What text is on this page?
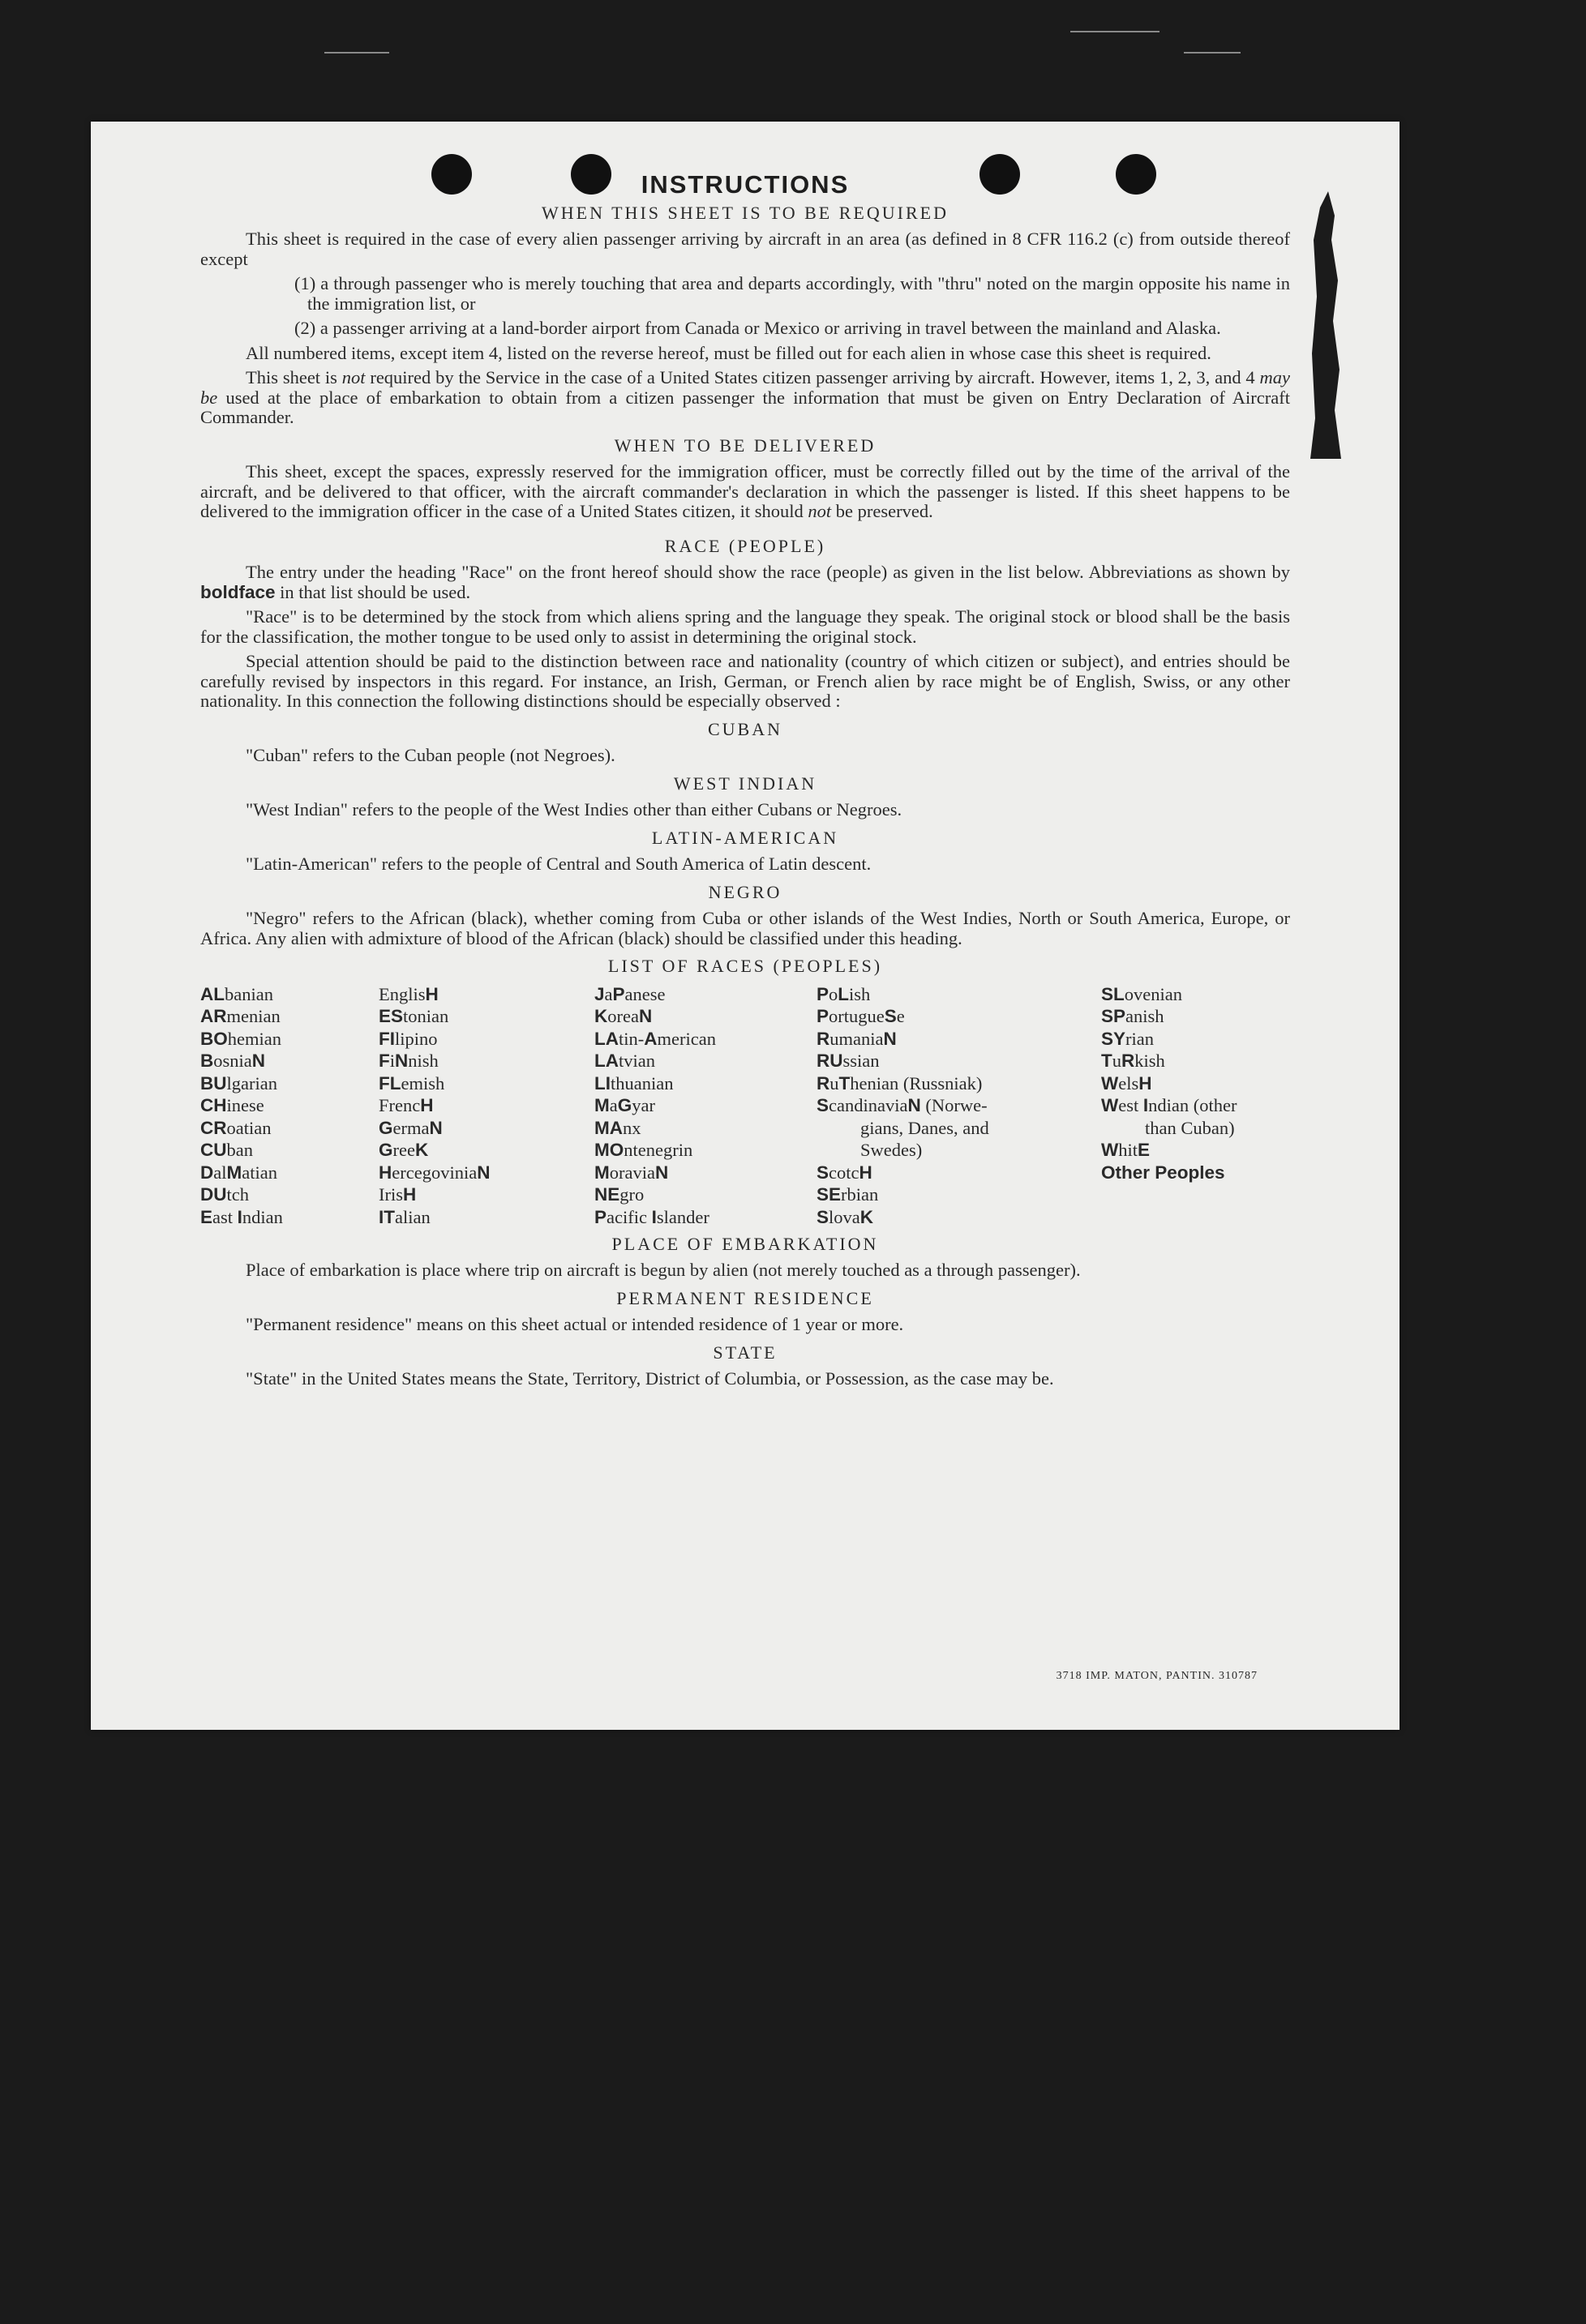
INSTRUCTIONS
WHEN THIS SHEET IS TO BE REQUIRED

This sheet is required in the case of every alien passenger arriving by aircraft in an area (as defined in 8 CFR 116.2 (c) from outside thereof except

(1) a through passenger who is merely touching that area and departs accordingly, with "thru" noted on the margin opposite his name in the immigration list, or
(2) a passenger arriving at a land-border airport from Canada or Mexico or arriving in travel between the mainland and Alaska.

All numbered items, except item 4, listed on the reverse hereof, must be filled out for each alien in whose case this sheet is required.

This sheet is not required by the Service in the case of a United States citizen passenger arriving by aircraft. However, items 1, 2, 3, and 4 may be used at the place of embarkation to obtain from a citizen passenger the information that must be given on Entry Declaration of Aircraft Commander.

WHEN TO BE DELIVERED

This sheet, except the spaces, expressly reserved for the immigration officer, must be correctly filled out by the time of the arrival of the aircraft, and be delivered to that officer, with the aircraft commander's declaration in which the passenger is listed. If this sheet happens to be delivered to the immigration officer in the case of a United States citizen, it should not be preserved.

RACE (PEOPLE)

The entry under the heading "Race" on the front hereof should show the race (people) as given in the list below. Abbreviations as shown by boldface in that list should be used.

"Race" is to be determined by the stock from which aliens spring and the language they speak. The original stock or blood shall be the basis for the classification, the mother tongue to be used only to assist in determining the original stock.

Special attention should be paid to the distinction between race and nationality (country of which citizen or subject), and entries should be carefully revised by inspectors in this regard. For instance, an Irish, German, or French alien by race might be of English, Swiss, or any other nationality. In this connection the following distinctions should be especially observed :

CUBAN

"Cuban" refers to the Cuban people (not Negroes).

WEST INDIAN

"West Indian" refers to the people of the West Indies other than either Cubans or Negroes.

LATIN-AMERICAN

"Latin-American" refers to the people of Central and South America of Latin descent.

NEGRO

"Negro" refers to the African (black), whether coming from Cuba or other islands of the West Indies, North or South America, Europe, or Africa. Any alien with admixture of blood of the African (black) should be classified under this heading.

LIST OF RACES (PEOPLES)
ALbanian
ARmenian
BOhemian
BosniaN
BUlgarian
CHinese
CRoatian
CUban
DalMatian
DUtch
East Indian
EnglisH
EStonian
FIlipino
FiNnish
FLemish
FrencH
GermaN
GreeK
HercegoviniaN
IrisH
ITalian
JaPanese
KoreaN
LAtin-American
LAtvian
LIthuanian
MaGyar
MAnx
MOntenegrin
MoraviaN
NEgro
Pacific Islander
PoLish
PortugueSe
RumaniaN
RUssian
RuThenian (Russniak)
ScandinaviaN (Norwe-
gians, Danes, and
Swedes)
ScotcH
SErbian
SlovaK
SLovenian
SPanish
SYrian
TuRkish
WelsH
West Indian (other
than Cuban)
WhitE
Other Peoples
PLACE OF EMBARKATION

Place of embarkation is place where trip on aircraft is begun by alien (not merely touched as a through passenger).

PERMANENT RESIDENCE

"Permanent residence" means on this sheet actual or intended residence of 1 year or more.

STATE

"State" in the United States means the State, Territory, District of Columbia, or Possession, as the case may be.

3718 IMP. MATON, PANTIN. 310787
